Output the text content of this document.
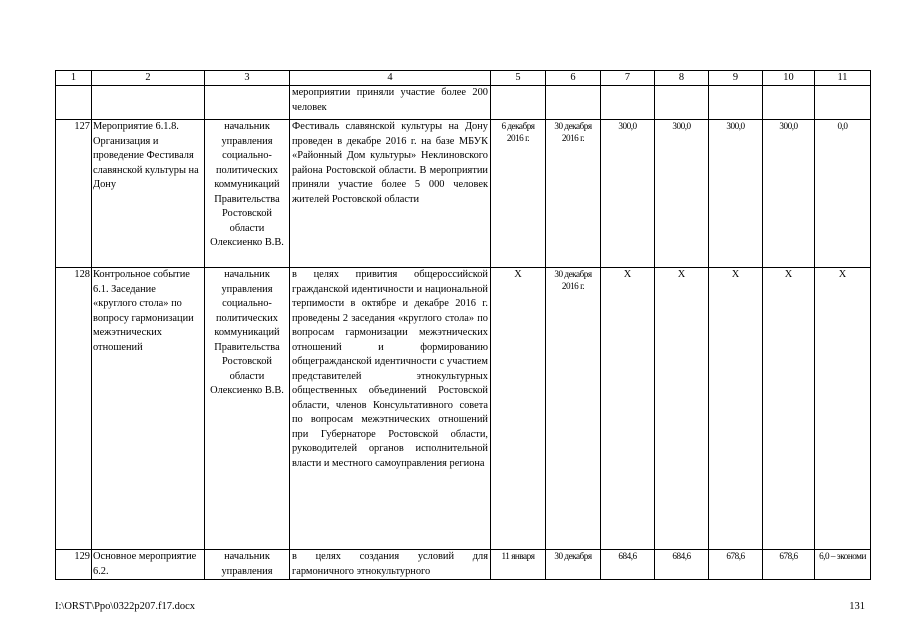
1	2	3	4	5	6	7	8	9	10	11
			мероприятии приняли участие более 200 человек							
127	Мероприятие 6.1.8. Организация и проведение Фестиваля славянской культуры на Дону	начальник управления социально-политических коммуникаций Правительства Ростовской области Олексиенко В.В.	Фестиваль славянской культуры на Дону проведен в декабре 2016 г. на базе МБУК «Районный Дом культуры» Неклиновского района Ростовской области. В мероприятии приняли участие более 5 000 человек жителей Ростовской области	6 декабря 2016 г.	30 декабря 2016 г.	300,0	300,0	300,0	300,0	0,0
128	Контрольное событие 6.1. Заседание «круглого стола» по вопросу гармонизации межэтнических отношений	начальник управления социально-политических коммуникаций Правительства Ростовской области Олексиенко В.В.	в целях привития общероссийской гражданской идентичности и национальной терпимости в октябре и декабре 2016 г. проведены 2 заседания «круглого стола» по вопросам гармонизации межэтнических отношений и формированию общегражданской идентичности с участием представителей этнокультурных общественных объединений Ростовской области, членов Консультативного совета по вопросам межэтнических отношений при Губернаторе Ростовской области, руководителей органов исполнительной власти и местного самоуправления региона	X	30 декабря 2016 г.	X	X	X	X	X
129	Основное мероприятие 6.2.	начальник управления	в целях создания условий для гармоничного этнокультурного	11 января	30 декабря	684,6	684,6	678,6	678,6	6,0 – экономи
I:\ORST\Ppo\0322p207.f17.docx	131
